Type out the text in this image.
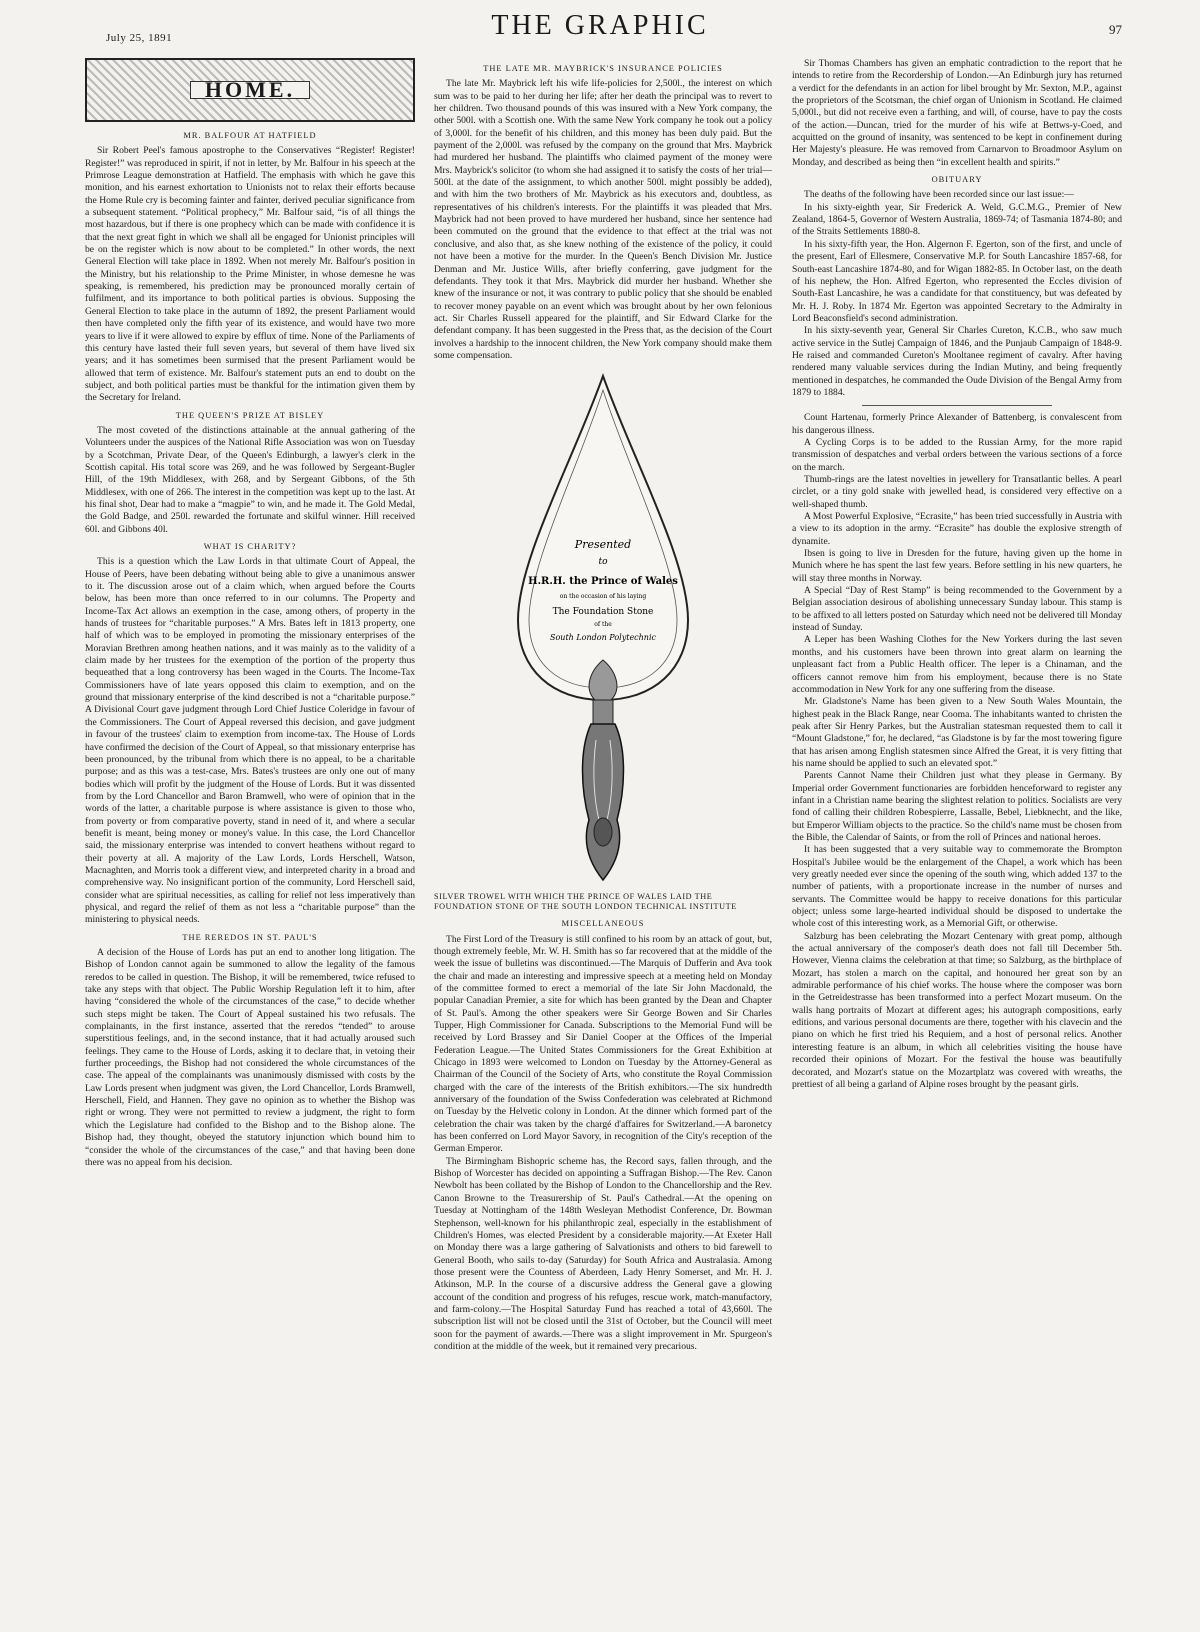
July 25, 1891	THE GRAPHIC	97
HOME.
MR. BALFOUR AT HATFIELD

Sir Robert Peel's famous apostrophe to the Conservatives “Register! Register! Register!” was reproduced in spirit, if not in letter, by Mr. Balfour in his speech at the Primrose League demonstration at Hatfield. The emphasis with which he gave this monition, and his earnest exhortation to Unionists not to relax their efforts because the Home Rule cry is becoming fainter and fainter, derived peculiar significance from a subsequent statement. “Political prophecy,” Mr. Balfour said, “is of all things the most hazardous, but if there is one prophecy which can be made with confidence it is that the next great fight in which we shall all be engaged for Unionist principles will be on the register which is now about to be completed.” In other words, the next General Election will take place in 1892. When not merely Mr. Balfour's position in the Ministry, but his relationship to the Prime Minister, in whose demesne he was speaking, is remembered, his prediction may be pronounced morally certain of fulfilment, and its importance to both political parties is obvious. Supposing the General Election to take place in the autumn of 1892, the present Parliament would then have completed only the fifth year of its existence, and would have two more years to live if it were allowed to expire by efflux of time. None of the Parliaments of this century have lasted their full seven years, but several of them have lived six years; and it has sometimes been surmised that the present Parliament would be allowed that term of existence. Mr. Balfour's statement puts an end to doubt on the subject, and both political parties must be thankful for the intimation given them by the Secretary for Ireland.

THE QUEEN'S PRIZE AT BISLEY

The most coveted of the distinctions attainable at the annual gathering of the Volunteers under the auspices of the National Rifle Association was won on Tuesday by a Scotchman, Private Dear, of the Queen's Edinburgh, a lawyer's clerk in the Scottish capital. His total score was 269, and he was followed by Sergeant-Bugler Hill, of the 19th Middlesex, with 268, and by Sergeant Gibbons, of the 5th Middlesex, with one of 266. The interest in the competition was kept up to the last. At his final shot, Dear had to make a “magpie” to win, and he made it. The Gold Medal, the Gold Badge, and 250l. rewarded the fortunate and skilful winner. Hill received 60l. and Gibbons 40l.

WHAT IS CHARITY?

This is a question which the Law Lords in that ultimate Court of Appeal, the House of Peers, have been debating without being able to give a unanimous answer to it. The discussion arose out of a claim which, when argued before the Courts below, has been more than once referred to in our columns. The Property and Income-Tax Act allows an exemption in the case, among others, of property in the hands of trustees for “charitable purposes.” A Mrs. Bates left in 1813 property, one half of which was to be employed in promoting the missionary enterprises of the Moravian Brethren among heathen nations, and it was mainly as to the validity of a claim made by her trustees for the exemption of the portion of the property thus bequeathed that a long controversy has been waged in the Courts. The Income-Tax Commissioners have of late years opposed this claim to exemption, and on the ground that missionary enterprise of the kind described is not a “charitable purpose.” A Divisional Court gave judgment through Lord Chief Justice Coleridge in favour of the Commissioners. The Court of Appeal reversed this decision, and gave judgment in favour of the trustees' claim to exemption from income-tax. The House of Lords have confirmed the decision of the Court of Appeal, so that missionary enterprise has been pronounced, by the tribunal from which there is no appeal, to be a charitable purpose; and as this was a test-case, Mrs. Bates's trustees are only one out of many bodies which will profit by the judgment of the House of Lords. But it was dissented from by the Lord Chancellor and Baron Bramwell, who were of opinion that in the words of the latter, a charitable purpose is where assistance is given to those who, from poverty or from comparative poverty, stand in need of it, and where a secular benefit is meant, being money or money's value. In this case, the Lord Chancellor said, the missionary enterprise was intended to convert heathens without regard to their poverty at all. A majority of the Law Lords, Lords Herschell, Watson, Macnaghten, and Morris took a different view, and interpreted charity in a broad and comprehensive way. No insignificant portion of the community, Lord Herschell said, consider what are spiritual necessities, as calling for relief not less imperatively than physical, and regard the relief of them as not less a “charitable purpose” than the ministering to physical needs.

THE REREDOS IN ST. PAUL'S

A decision of the House of Lords has put an end to another long litigation. The Bishop of London cannot again be summoned to allow the legality of the famous reredos to be called in question. The Bishop, it will be remembered, twice refused to take any steps with that object. The Public Worship Regulation left it to him, after having “considered the whole of the circumstances of the case,” to decide whether such steps might be taken. The Court of Appeal sustained his two refusals. The complainants, in the first instance, asserted that the reredos “tended” to arouse superstitious feelings, and, in the second instance, that it had actually aroused such feelings. They came to the House of Lords, asking it to declare that, in vetoing their further proceedings, the Bishop had not considered the whole circumstances of the case. The appeal of the complainants was unanimously dismissed with costs by the Law Lords present when judgment was given, the Lord Chancellor, Lords Bramwell, Herschell, Field, and Hannen. They gave no opinion as to whether the Bishop was right or wrong. They were not permitted to review a judgment, the right to form which the Legislature had confided to the Bishop and to the Bishop alone. The Bishop had, they thought, obeyed the statutory injunction which bound him to “consider the whole of the circumstances of the case,” and that having been done there was no appeal from his decision.

THE LATE MR. MAYBRICK'S INSURANCE POLICIES

The late Mr. Maybrick left his wife life-policies for 2,500l., the interest on which sum was to be paid to her during her life; after her death the principal was to revert to her children. Two thousand pounds of this was insured with a New York company, the other 500l. with a Scottish one. With the same New York company he took out a policy of 3,000l. for the benefit of his children, and this money has been duly paid. But the payment of the 2,000l. was refused by the company on the ground that Mrs. Maybrick had murdered her husband. The plaintiffs who claimed payment of the money were Mrs. Maybrick's solicitor (to whom she had assigned it to satisfy the costs of her trial—500l. at the date of the assignment, to which another 500l. might possibly be added), and with him the two brothers of Mr. Maybrick as his executors and, doubtless, as representatives of his children's interests. For the plaintiffs it was pleaded that Mrs. Maybrick had not been proved to have murdered her husband, since her sentence had been commuted on the ground that the evidence to that effect at the trial was not conclusive, and also that, as she knew nothing of the existence of the policy, it could not have been a motive for the murder. In the Queen's Bench Division Mr. Justice Denman and Mr. Justice Wills, after briefly conferring, gave judgment for the defendants. They took it that Mrs. Maybrick did murder her husband. Whether she knew of the insurance or not, it was contrary to public policy that she should be enabled to recover money payable on an event which was brought about by her own felonious act. Sir Charles Russell appeared for the plaintiff, and Sir Edward Clarke for the defendant company. It has been suggested in the Press that, as the decision of the Court involves a hardship to the innocent children, the New York company should make them some compensation.

Presented
to
H.R.H. the Prince of Wales
on the occasion of his laying
The Foundation Stone
of the
South London Polytechnic
SILVER TROWEL WITH WHICH THE PRINCE OF WALES LAID THE FOUNDATION STONE OF THE SOUTH LONDON TECHNICAL INSTITUTE
MISCELLANEOUS

The First Lord of the Treasury is still confined to his room by an attack of gout, but, though extremely feeble, Mr. W. H. Smith has so far recovered that at the middle of the week the issue of bulletins was discontinued.—The Marquis of Dufferin and Ava took the chair and made an interesting and impressive speech at a meeting held on Monday of the committee formed to erect a memorial of the late Sir John Macdonald, the popular Canadian Premier, a site for which has been granted by the Dean and Chapter of St. Paul's. Among the other speakers were Sir George Bowen and Sir Charles Tupper, High Commissioner for Canada. Subscriptions to the Memorial Fund will be received by Lord Brassey and Sir Daniel Cooper at the Offices of the Imperial Federation League.—The United States Commissioners for the Great Exhibition at Chicago in 1893 were welcomed to London on Tuesday by the Attorney-General as Chairman of the Council of the Society of Arts, who constitute the Royal Commission charged with the care of the interests of the British exhibitors.—The six hundredth anniversary of the foundation of the Swiss Confederation was celebrated at Richmond on Tuesday by the Helvetic colony in London. At the dinner which formed part of the celebration the chair was taken by the chargé d'affaires for Switzerland.—A baronetcy has been conferred on Lord Mayor Savory, in recognition of the City's reception of the German Emperor.

The Birmingham Bishopric scheme has, the Record says, fallen through, and the Bishop of Worcester has decided on appointing a Suffragan Bishop.—The Rev. Canon Newbolt has been collated by the Bishop of London to the Chancellorship and the Rev. Canon Browne to the Treasurership of St. Paul's Cathedral.—At the opening on Tuesday at Nottingham of the 148th Wesleyan Methodist Conference, Dr. Bowman Stephenson, well-known for his philanthropic zeal, especially in the establishment of Children's Homes, was elected President by a considerable majority.—At Exeter Hall on Monday there was a large gathering of Salvationists and others to bid farewell to General Booth, who sails to-day (Saturday) for South Africa and Australasia. Among those present were the Countess of Aberdeen, Lady Henry Somerset, and Mr. H. J. Atkinson, M.P. In the course of a discursive address the General gave a glowing account of the condition and progress of his refuges, rescue work, match-manufactory, and farm-colony.—The Hospital Saturday Fund has reached a total of 43,660l. The subscription list will not be closed until the 31st of October, but the Council will meet soon for the payment of awards.—There was a slight improvement in Mr. Spurgeon's condition at the middle of the week, but it remained very precarious.

Sir Thomas Chambers has given an emphatic contradiction to the report that he intends to retire from the Recordership of London.—An Edinburgh jury has returned a verdict for the defendants in an action for libel brought by Mr. Sexton, M.P., against the proprietors of the Scotsman, the chief organ of Unionism in Scotland. He claimed 5,000l., but did not receive even a farthing, and will, of course, have to pay the costs of the action.—Duncan, tried for the murder of his wife at Bettws-y-Coed, and acquitted on the ground of insanity, was sentenced to be kept in confinement during Her Majesty's pleasure. He was removed from Carnarvon to Broadmoor Asylum on Monday, and described as being then “in excellent health and spirits.”

OBITUARY

The deaths of the following have been recorded since our last issue:—

In his sixty-eighth year, Sir Frederick A. Weld, G.C.M.G., Premier of New Zealand, 1864-5, Governor of Western Australia, 1869-74; of Tasmania 1874-80; and of the Straits Settlements 1880-8.

In his sixty-fifth year, the Hon. Algernon F. Egerton, son of the first, and uncle of the present, Earl of Ellesmere, Conservative M.P. for South Lancashire 1857-68, for South-east Lancashire 1874-80, and for Wigan 1882-85. In October last, on the death of his nephew, the Hon. Alfred Egerton, who represented the Eccles division of South-East Lancashire, he was a candidate for that constituency, but was defeated by Mr. H. J. Roby. In 1874 Mr. Egerton was appointed Secretary to the Admiralty in Lord Beaconsfield's second administration.

In his sixty-seventh year, General Sir Charles Cureton, K.C.B., who saw much active service in the Sutlej Campaign of 1846, and the Punjaub Campaign of 1848-9. He raised and commanded Cureton's Mooltanee regiment of cavalry. After having rendered many valuable services during the Indian Mutiny, and being frequently mentioned in despatches, he commanded the Oude Division of the Bengal Army from 1879 to 1884.

Count Hartenau, formerly Prince Alexander of Battenberg, is convalescent from his dangerous illness.

A Cycling Corps is to be added to the Russian Army, for the more rapid transmission of despatches and verbal orders between the various sections of a force on the march.

Thumb-rings are the latest novelties in jewellery for Transatlantic belles. A pearl circlet, or a tiny gold snake with jewelled head, is considered very effective on a well-shaped thumb.

A Most Powerful Explosive, “Ecrasite,” has been tried successfully in Austria with a view to its adoption in the army. “Ecrasite” has double the explosive strength of dynamite.

Ibsen is going to live in Dresden for the future, having given up the home in Munich where he has spent the last few years. Before settling in his new quarters, he will stay three months in Norway.

A Special “Day of Rest Stamp” is being recommended to the Government by a Belgian association desirous of abolishing unnecessary Sunday labour. This stamp is to be affixed to all letters posted on Saturday which need not be delivered till Monday instead of Sunday.

A Leper has been Washing Clothes for the New Yorkers during the last seven months, and his customers have been thrown into great alarm on learning the unpleasant fact from a Public Health officer. The leper is a Chinaman, and the officers cannot remove him from his employment, because there is no State accommodation in New York for any one suffering from the disease.

Mr. Gladstone's Name has been given to a New South Wales Mountain, the highest peak in the Black Range, near Cooma. The inhabitants wanted to christen the peak after Sir Henry Parkes, but the Australian statesman requested them to call it “Mount Gladstone,” for, he declared, “as Gladstone is by far the most towering figure that has arisen among English statesmen since Alfred the Great, it is very fitting that his name should be applied to such an elevated spot.”

Parents Cannot Name their Children just what they please in Germany. By Imperial order Government functionaries are forbidden henceforward to register any infant in a Christian name bearing the slightest relation to politics. Socialists are very fond of calling their children Robespierre, Lassalle, Bebel, Liebknecht, and the like, but Emperor William objects to the practice. So the child's name must be chosen from the Bible, the Calendar of Saints, or from the roll of Princes and national heroes.

It has been suggested that a very suitable way to commemorate the Brompton Hospital's Jubilee would be the enlargement of the Chapel, a work which has been very greatly needed ever since the opening of the south wing, which added 137 to the number of patients, with a proportionate increase in the number of nurses and servants. The Committee would be happy to receive donations for this particular object; unless some large-hearted individual should be disposed to undertake the whole cost of this interesting work, as a Memorial Gift, or otherwise.

Salzburg has been celebrating the Mozart Centenary with great pomp, although the actual anniversary of the composer's death does not fall till December 5th. However, Vienna claims the celebration at that time; so Salzburg, as the birthplace of Mozart, has stolen a march on the capital, and honoured her great son by an admirable performance of his chief works. The house where the composer was born in the Getreidestrasse has been transformed into a perfect Mozart museum. On the walls hang portraits of Mozart at different ages; his autograph compositions, early editions, and various personal documents are there, together with his clavecin and the piano on which he first tried his Requiem, and a host of personal relics. Another interesting feature is an album, in which all celebrities visiting the house have recorded their opinions of Mozart. For the festival the house was beautifully decorated, and Mozart's statue on the Mozartplatz was covered with wreaths, the prettiest of all being a garland of Alpine roses brought by the peasant girls.
